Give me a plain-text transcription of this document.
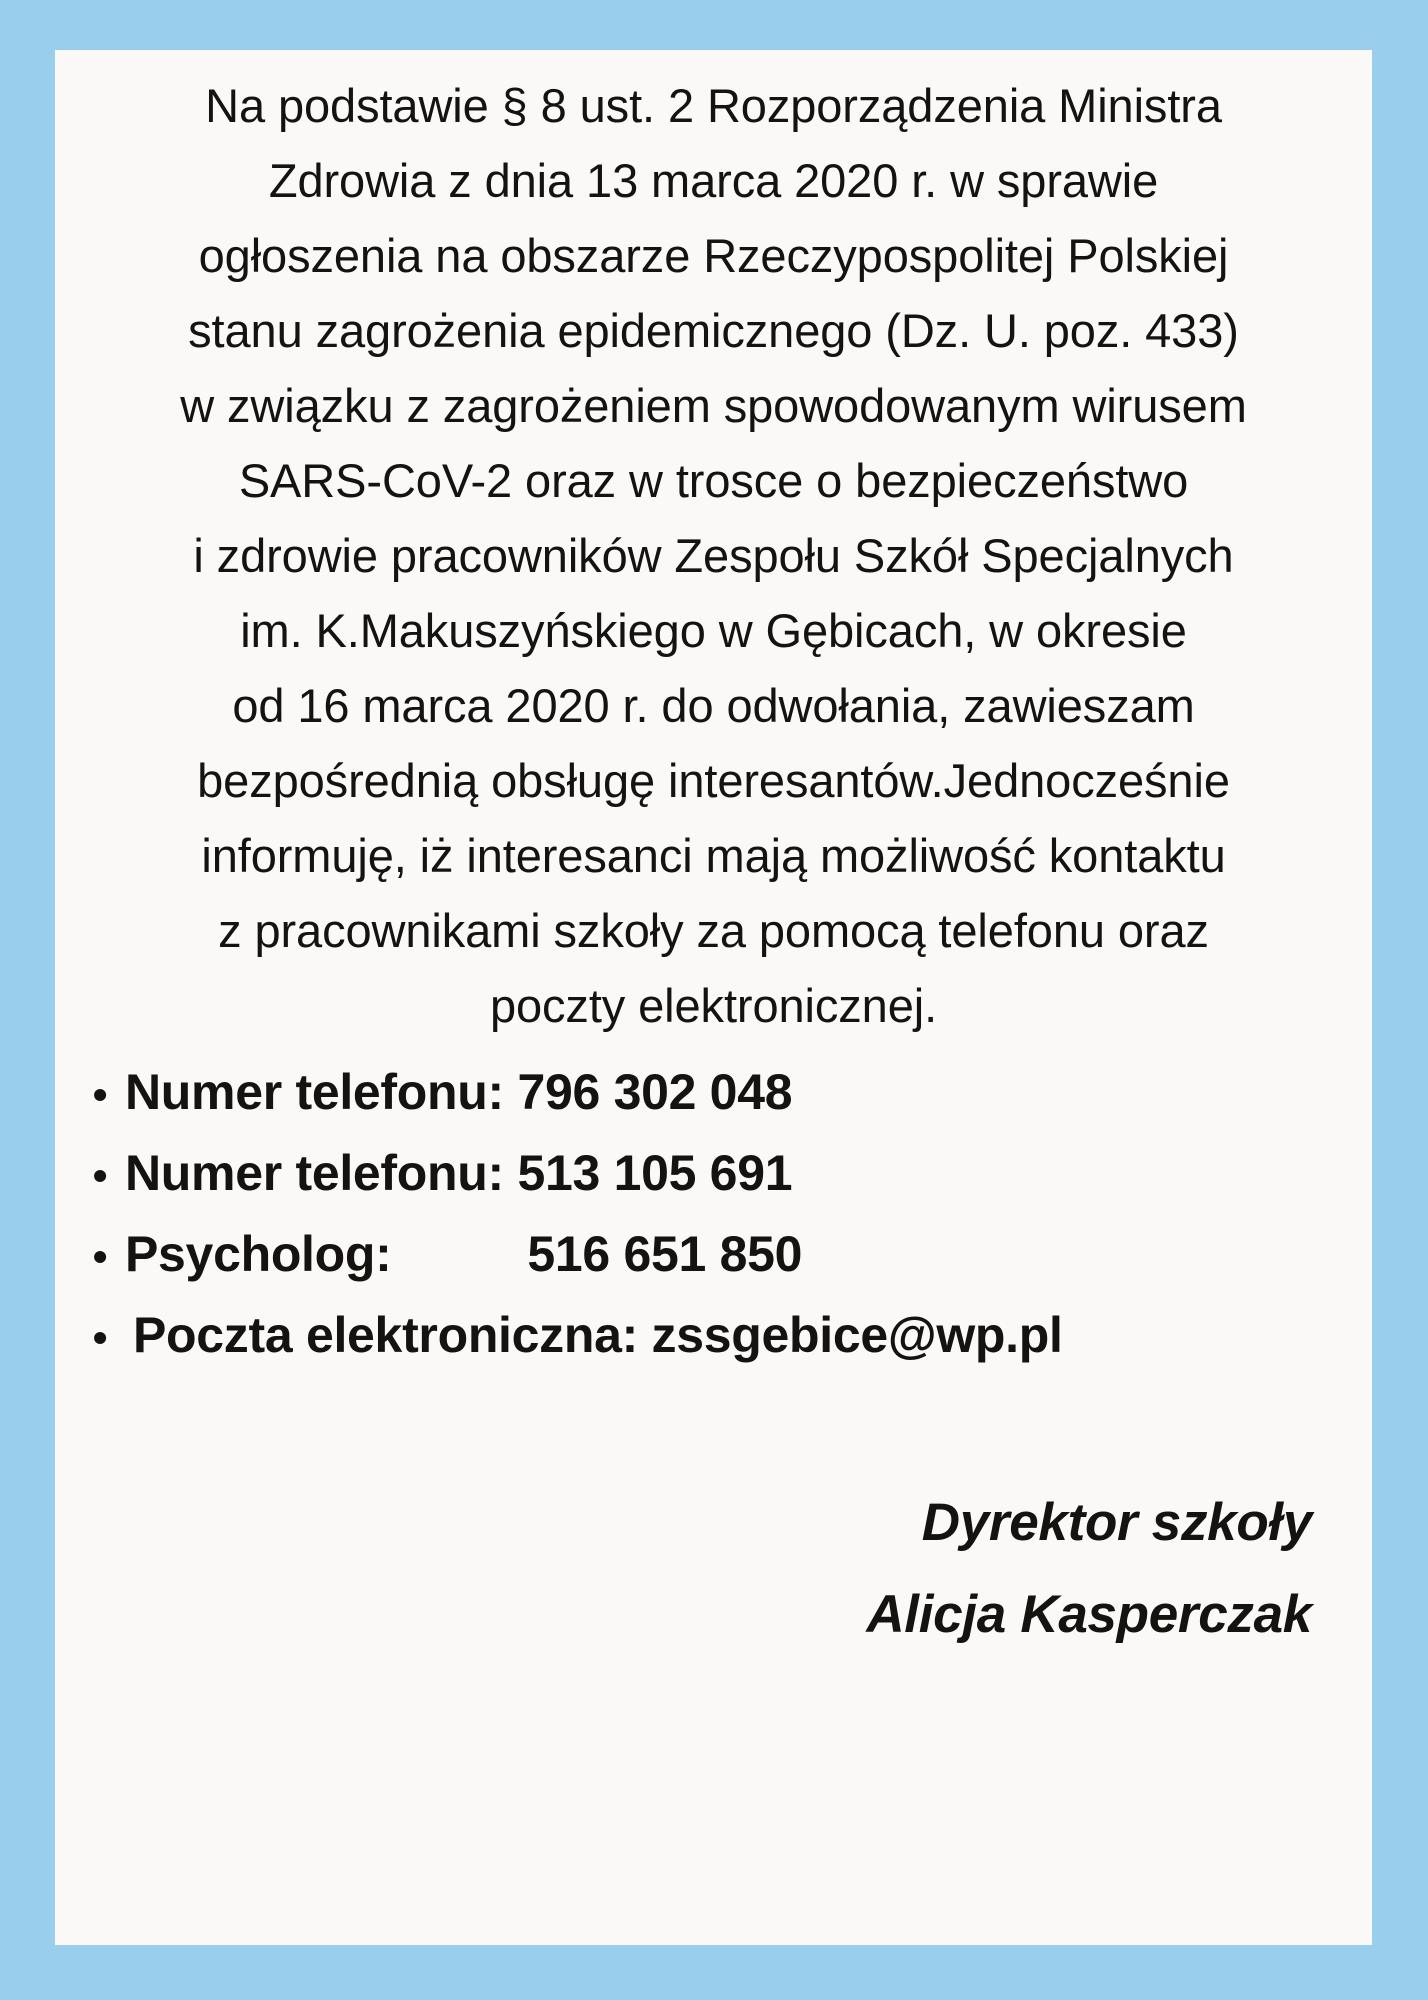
Na podstawie § 8 ust. 2 Rozporządzenia Ministra
Zdrowia z dnia 13 marca 2020 r. w sprawie
ogłoszenia na obszarze Rzeczypospolitej Polskiej
stanu zagrożenia epidemicznego (Dz. U. poz. 433)
w związku z zagrożeniem spowodowanym wirusem
SARS-CoV-2 oraz w trosce o bezpieczeństwo
i zdrowie pracowników Zespołu Szkół Specjalnych
im. K.Makuszyńskiego w Gębicach, w okresie
od 16 marca 2020 r. do odwołania, zawieszam
bezpośrednią obsługę interesantów.Jednocześnie
informuję, iż interesanci mają możliwość kontaktu
z pracownikami szkoły za pomocą telefonu oraz
poczty elektronicznej.
• Numer telefonu: 796 302 048
• Numer telefonu: 513 105 691
• Psycholog: 516 651 850
• Poczta elektroniczna: zssgebice@wp.pl
Dyrektor szkoły
Alicja Kasperczak
